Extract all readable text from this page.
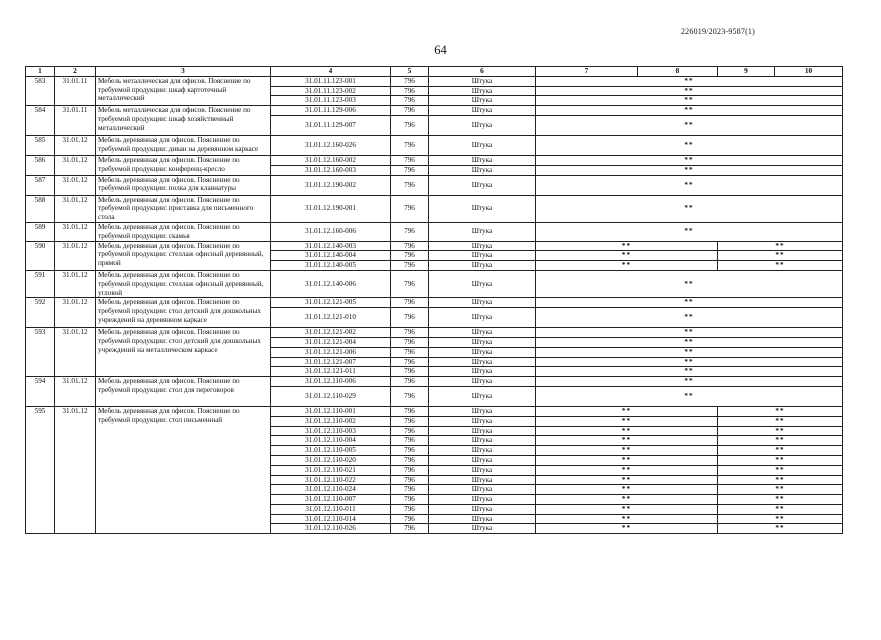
226019/2023-9587(1)
64
1	2	3	4	5	6	7	8	9	10
583	31.01.11	Мебель металлическая для офисов. Пояснение по требуемой продукции: шкаф картотечный металлический	31.01.11.123-001	796	Штука	**			
			31.01.11.123-002	796	Штука	**			
			31.01.11.123-003	796	Штука	**			
584	31.01.11	Мебель металлическая для офисов. Пояснение по требуемой продукции: шкаф хозяйственный металлический	31.01.11.129-006	796	Штука	**			
			31.01.11.129-007	796	Штука	**			
585	31.01.12	Мебель деревянная для офисов. Пояснение по требуемой продукции: диван на деревянном каркасе	31.01.12.160-026	796	Штука	**			
586	31.01.12	Мебель деревянная для офисов. Пояснение по требуемой продукции: конференц-кресло	31.01.12.160-002	796	Штука	**			
			31.01.12.160-003	796	Штука	**			
587	31.01.12	Мебель деревянная для офисов. Пояснение по требуемой продукции: полка для клавиатуры	31.01.12.190-002	796	Штука	**			
588	31.01.12	Мебель деревянная для офисов. Пояснение по требуемой продукции: приставка для письменного стола	31.01.12.190-001	796	Штука	**			
589	31.01.12	Мебель деревянная для офисов. Пояснение по требуемой продукции: скамья	31.01.12.160-006	796	Штука	**			
590	31.01.12	Мебель деревянная для офисов. Пояснение по требуемой продукции: стеллаж офисный деревянный, прямой	31.01.12.140-003	796	Штука	**		**	
			31.01.12.140-004	796	Штука	**		**	
			31.01.12.140-005	796	Штука	**		**	
591	31.01.12	Мебель деревянная для офисов. Пояснение по требуемой продукции: стеллаж офисный деревянный, угловой	31.01.12.140-006	796	Штука	**			
592	31.01.12	Мебель деревянная для офисов. Пояснение по требуемой продукции: стол детский для дошкольных учреждений на деревянном каркасе	31.01.12.121-005	796	Штука	**			
			31.01.12.121-010	796	Штука	**			
593	31.01.12	Мебель деревянная для офисов. Пояснение по требуемой продукции: стол детский для дошкольных учреждений на металлическом каркасе	31.01.12.121-002	796	Штука	**			
			31.01.12.121-004	796	Штука	**			
			31.01.12.121-006	796	Штука	**			
			31.01.12.121-007	796	Штука	**			
			31.01.12.121-011	796	Штука	**			
594	31.01.12	Мебель деревянная для офисов. Пояснение по требуемой продукции: стол для переговоров	31.01.12.110-006	796	Штука	**			
			31.01.12.110-029	796	Штука	**			
595	31.01.12	Мебель деревянная для офисов. Пояснение по требуемой продукции: стол письменный	31.01.12.110-001	796	Штука	**		**	
			31.01.12.110-002	796	Штука	**		**	
			31.01.12.110-003	796	Штука	**		**	
			31.01.12.110-004	796	Штука	**		**	
			31.01.12.110-005	796	Штука	**		**	
			31.01.12.110-020	796	Штука	**		**	
			31.01.12.110-021	796	Штука	**		**	
			31.01.12.110-022	796	Штука	**		**	
			31.01.12.110-024	796	Штука	**		**	
			31.01.12.110-007	796	Штука	**		**	
			31.01.12.110-011	796	Штука	**		**	
			31.01.12.110-014	796	Штука	**		**	
			31.01.12.110-026	796	Штука	**		**	
